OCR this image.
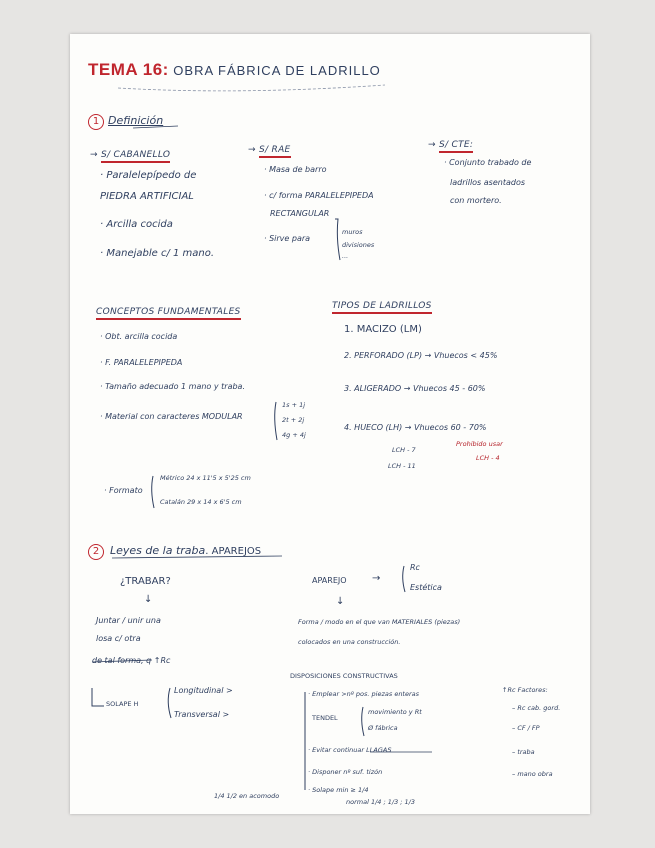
TEMA 16: OBRA FÁBRICA DE LADRILLO
1 Definición
→ S/ CABANELLO
· Paralelepípedo de
PIEDRA ARTIFICIAL
· Arcilla cocida
· Manejable c/ 1 mano.
→ S/ RAE
· Masa de barro
· c/ forma PARALELEPIPEDA
RECTANGULAR
· Sirve para
muros
divisiones
...
→ S/ CTE:
· Conjunto trabado de
ladrillos asentados
con mortero.
CONCEPTOS FUNDAMENTALES
· Obt. arcilla cocida
· F. PARALELEPIPEDA
· Tamaño adecuado 1 mano y traba.
· Material con caracteres MODULAR
1s + 1j
2t + 2j
4g + 4j
· Formato
Métrico 24 x 11'5 x 5'25 cm
Catalán 29 x 14 x 6'5 cm
TIPOS DE LADRILLOS
1. MACIZO (LM)
2. PERFORADO (LP) → Vhuecos < 45%
3. ALIGERADO → Vhuecos 45 - 60%
4. HUECO (LH) → Vhuecos 60 - 70%
LCH - 7
LCH - 11
Prohibido usar
LCH - 4
2 Leyes de la traba. APAREJOS
¿TRABAR?
↓
Juntar / unir una
losa c/ otra
de tal forma, q ↑Rc
SOLAPE H
Longitudinal >
Transversal >
APAREJO	→
Rc
Estética
↓
Forma / modo en el que van MATERIALES (piezas)
colocados en una construcción.
DISPOSICIONES CONSTRUCTIVAS
· Emplear >nº pos. piezas enteras
TENDEL
movimiento y Rt
Ø fábrica
· Evitar continuar LLAGAS
· Disponer nº suf. tizón
· Solape min ≥ 1/4
normal 1/4 ; 1/3 ; 1/3
1/4 1/2 en acomodo
↑Rc Factores:
– Rc cab. gord.
– CF / FP
– traba
– mano obra
